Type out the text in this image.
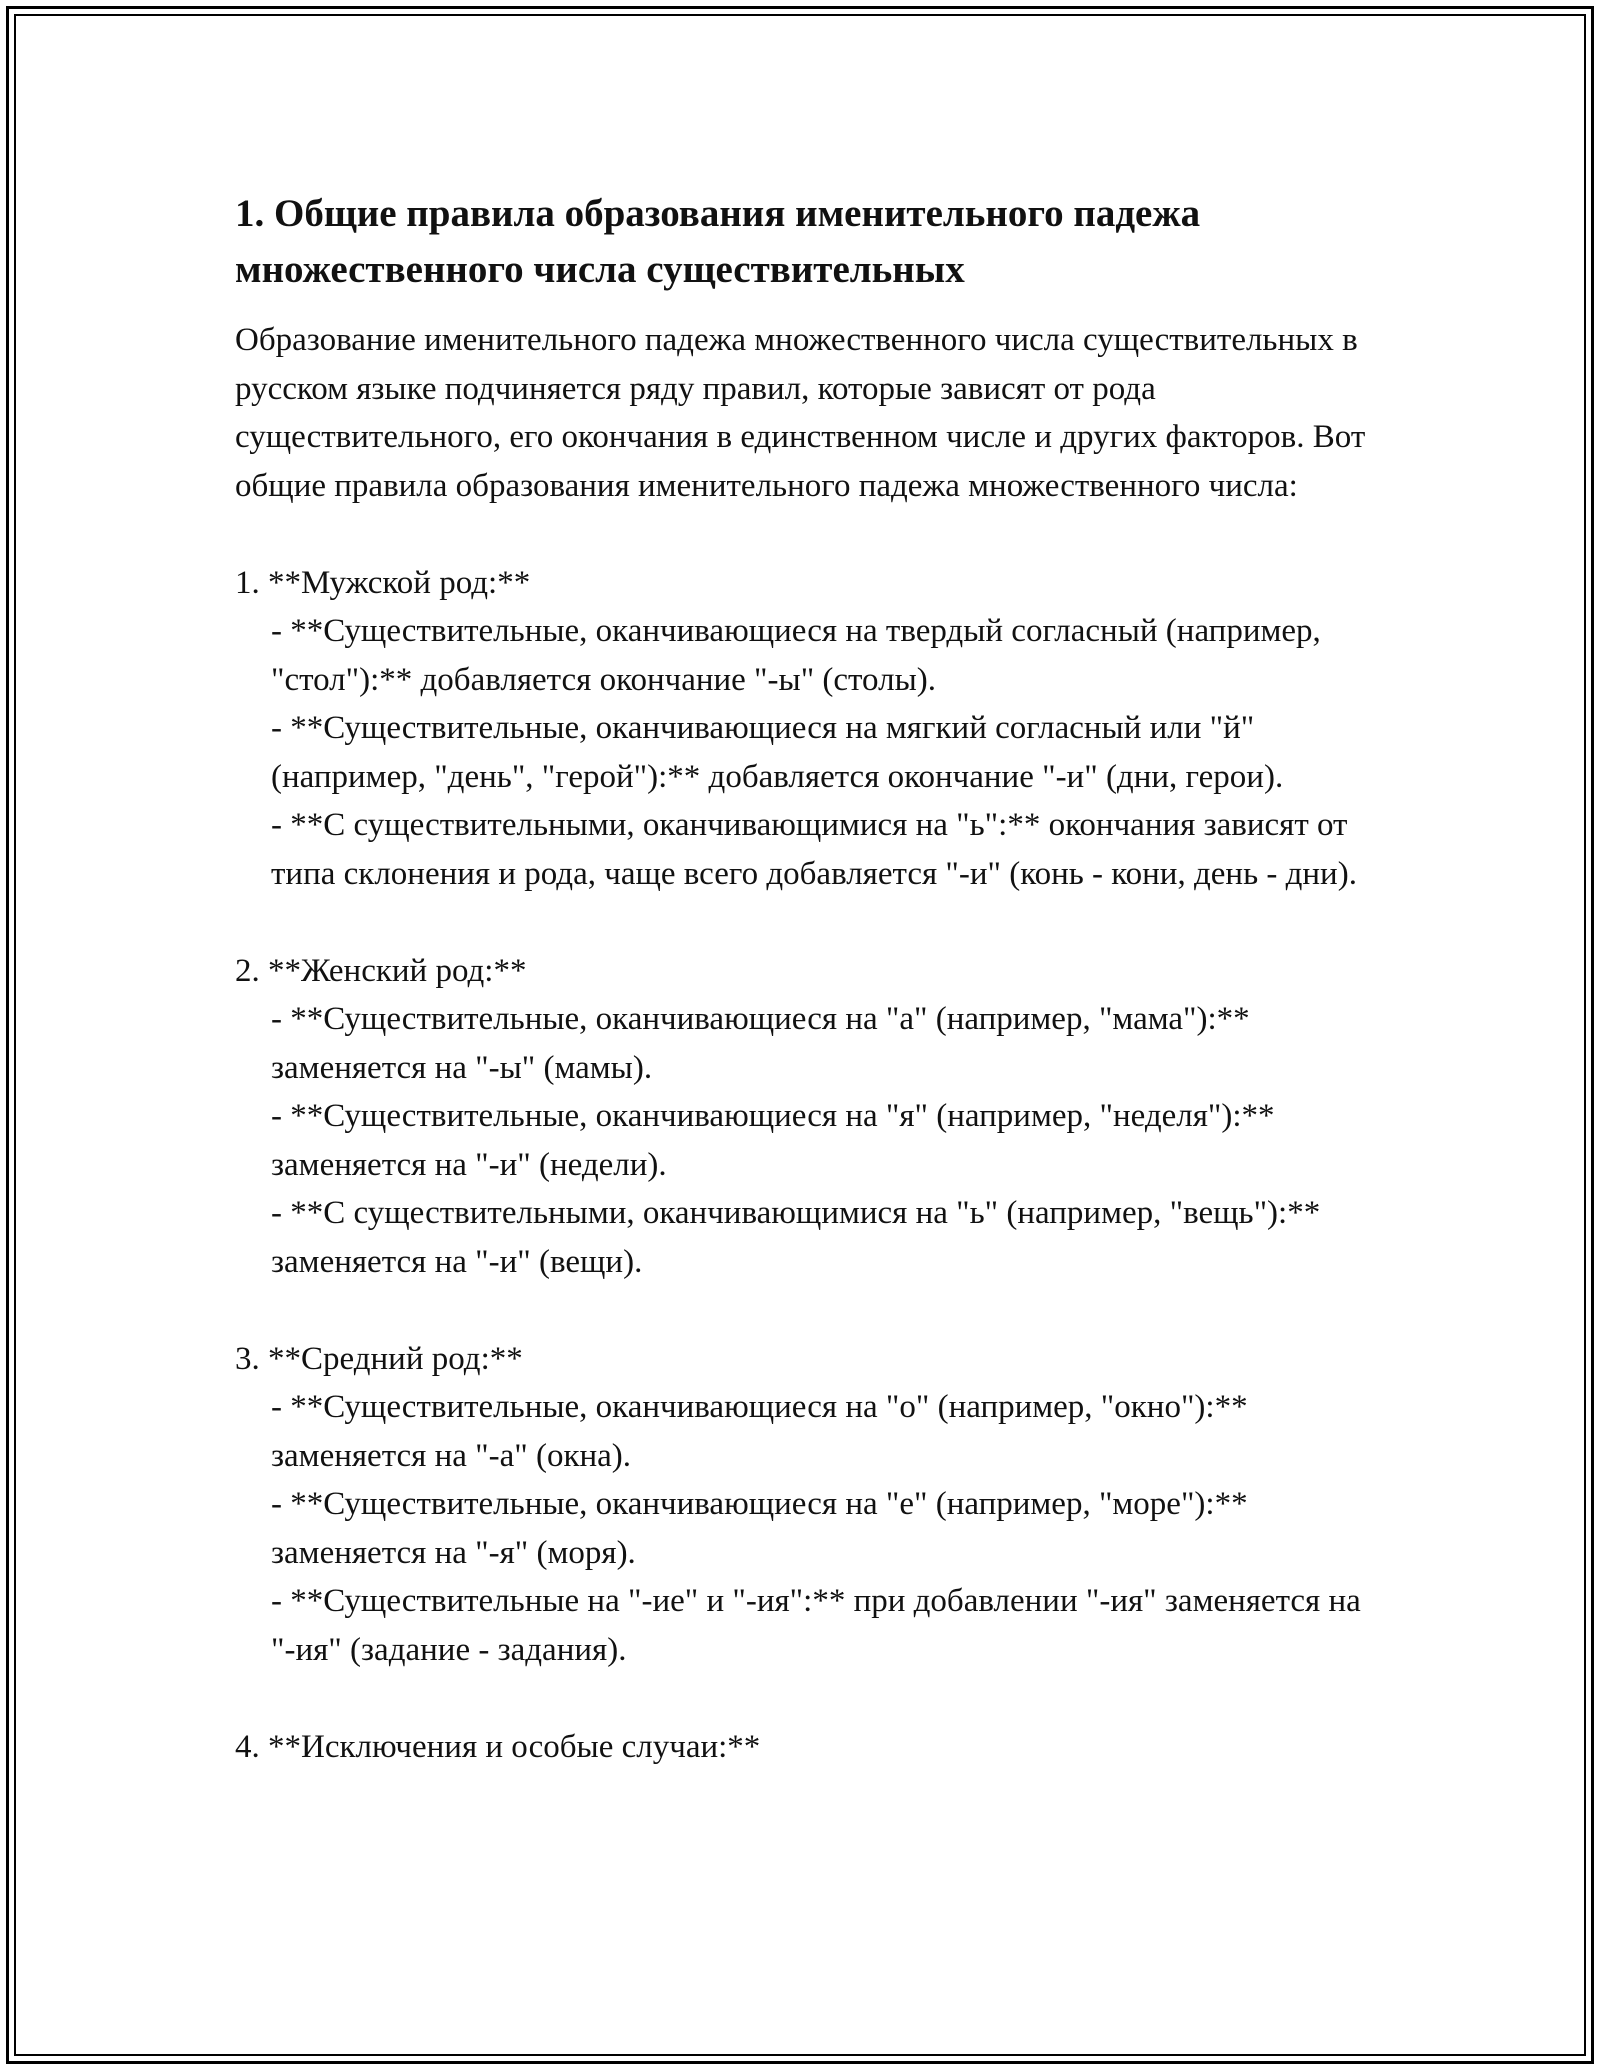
1. Общие правила образования именительного падежа множественного числа существительных

Образование именительного падежа множественного числа существительных в русском языке подчиняется ряду правил, которые зависят от рода существительного, его окончания в единственном числе и других факторов. Вот общие правила образования именительного падежа множественного числа:

1. **Мужской род:**
- **Существительные, оканчивающиеся на твердый согласный (например, "стол"):** добавляется окончание "-ы" (столы).
- **Существительные, оканчивающиеся на мягкий согласный или "й" (например, "день", "герой"):** добавляется окончание "-и" (дни, герои).
- **С существительными, оканчивающимися на "ь":** окончания зависят от типа склонения и рода, чаще всего добавляется "-и" (конь - кони, день - дни).
2. **Женский род:**
- **Существительные, оканчивающиеся на "а" (например, "мама"):** заменяется на "-ы" (мамы).
- **Существительные, оканчивающиеся на "я" (например, "неделя"):** заменяется на "-и" (недели).
- **С существительными, оканчивающимися на "ь" (например, "вещь"):** заменяется на "-и" (вещи).
3. **Средний род:**
- **Существительные, оканчивающиеся на "о" (например, "окно"):** заменяется на "-а" (окна).
- **Существительные, оканчивающиеся на "е" (например, "море"):** заменяется на "-я" (моря).
- **Существительные на "-ие" и "-ия":** при добавлении "-ия" заменяется на "-ия" (задание - задания).
4. **Исключения и особые случаи:**
